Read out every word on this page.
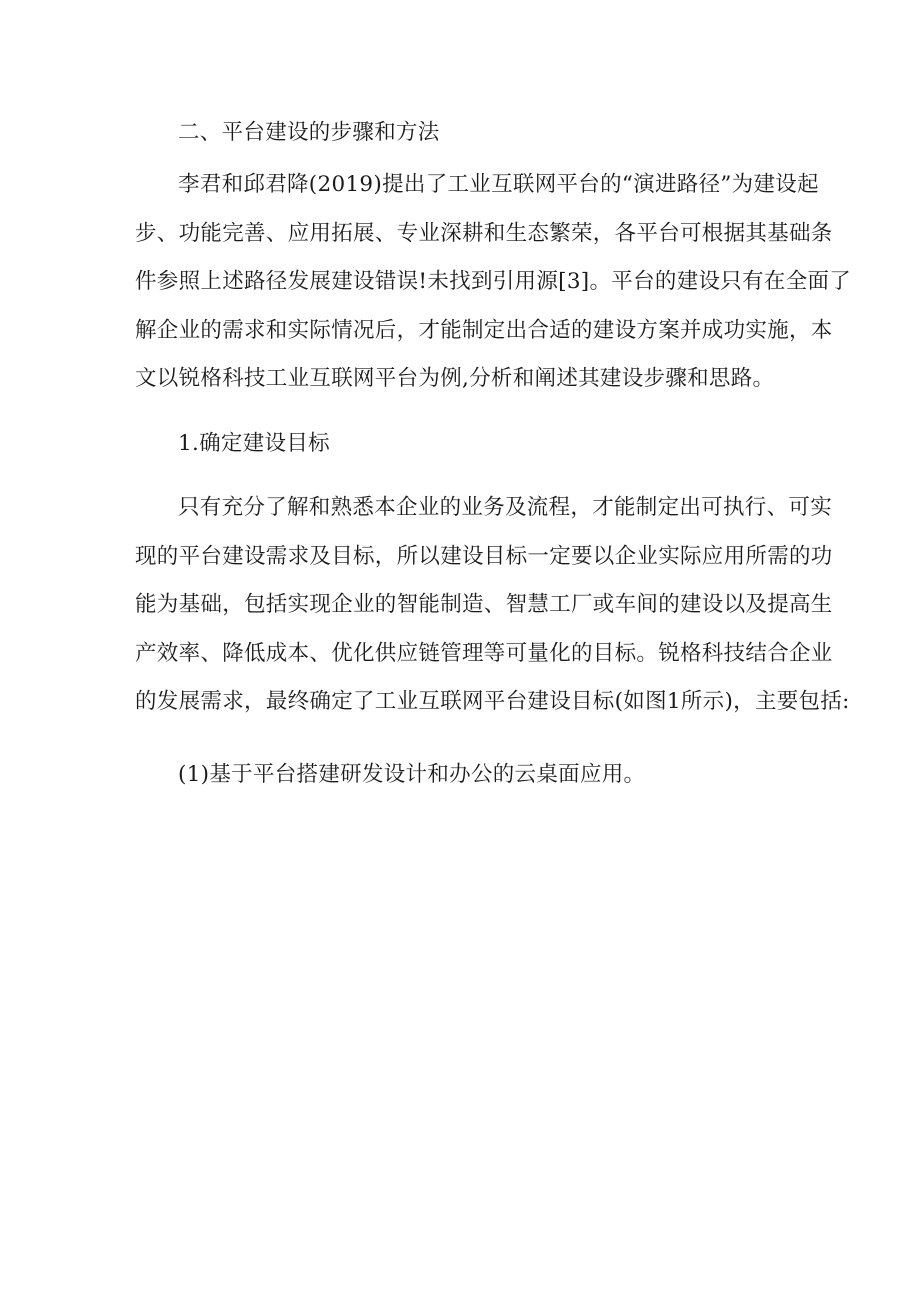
二、平台建设的步骤和方法
李君和邱君降(2019)提出了工业互联网平台的“演进路径”为建设起
步、功能完善、应用拓展、专业深耕和生态繁荣，各平台可根据其基础条
件参照上述路径发展建设错误!未找到引用源[3]。平台的建设只有在全面了
解企业的需求和实际情况后，才能制定出合适的建设方案并成功实施，本
文以锐格科技工业互联网平台为例,分析和阐述其建设步骤和思路。
1.确定建设目标
只有充分了解和熟悉本企业的业务及流程，才能制定出可执行、可实
现的平台建设需求及目标，所以建设目标一定要以企业实际应用所需的功
能为基础，包括实现企业的智能制造、智慧工厂或车间的建设以及提高生
产效率、降低成本、优化供应链管理等可量化的目标。锐格科技结合企业
的发展需求，最终确定了工业互联网平台建设目标(如图1所示)，主要包括:
(1)基于平台搭建研发设计和办公的云桌面应用。
